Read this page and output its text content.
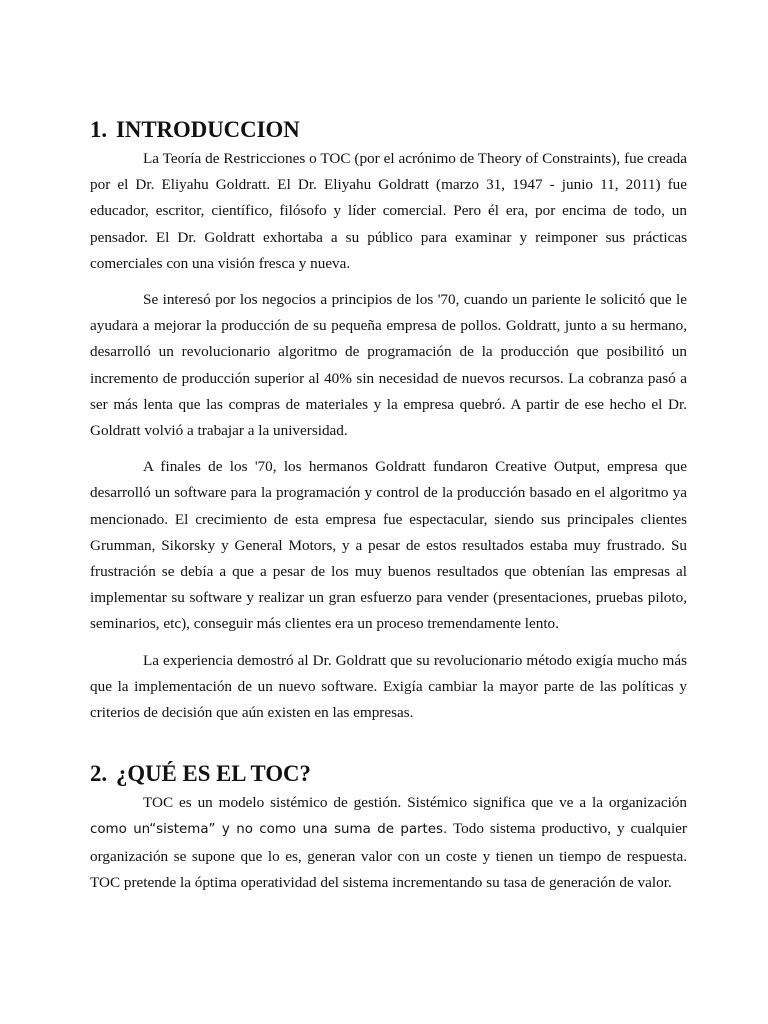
1. INTRODUCCION

La Teoría de Restricciones o TOC (por el acrónimo de Theory of Constraints), fue creada por el Dr. Eliyahu Goldratt. El Dr. Eliyahu Goldratt (marzo 31, 1947 - junio 11, 2011) fue educador, escritor, científico, filósofo y líder comercial. Pero él era, por encima de todo, un pensador. El Dr. Goldratt exhortaba a su público para examinar y reimponer sus prácticas comerciales con una visión fresca y nueva.

Se interesó por los negocios a principios de los '70, cuando un pariente le solicitó que le ayudara a mejorar la producción de su pequeña empresa de pollos. Goldratt, junto a su hermano, desarrolló un revolucionario algoritmo de programación de la producción que posibilitó un incremento de producción superior al 40% sin necesidad de nuevos recursos. La cobranza pasó a ser más lenta que las compras de materiales y la empresa quebró. A partir de ese hecho el Dr. Goldratt volvió a trabajar a la universidad.

A finales de los '70, los hermanos Goldratt fundaron Creative Output, empresa que desarrolló un software para la programación y control de la producción basado en el algoritmo ya mencionado. El crecimiento de esta empresa fue espectacular, siendo sus principales clientes Grumman, Sikorsky y General Motors, y a pesar de estos resultados estaba muy frustrado. Su frustración se debía a que a pesar de los muy buenos resultados que obtenían las empresas al implementar su software y realizar un gran esfuerzo para vender (presentaciones, pruebas piloto, seminarios, etc), conseguir más clientes era un proceso tremendamente lento.

La experiencia demostró al Dr. Goldratt que su revolucionario método exigía mucho más que la implementación de un nuevo software. Exigía cambiar la mayor parte de las políticas y criterios de decisión que aún existen en las empresas.

2. ¿QUÉ ES EL TOC?

TOC es un modelo sistémico de gestión. Sistémico significa que ve a la organización como un“sistema” y no como una suma de partes. Todo sistema productivo, y cualquier organización se supone que lo es, generan valor con un coste y tienen un tiempo de respuesta. TOC pretende la óptima operatividad del sistema incrementando su tasa de generación de valor.
